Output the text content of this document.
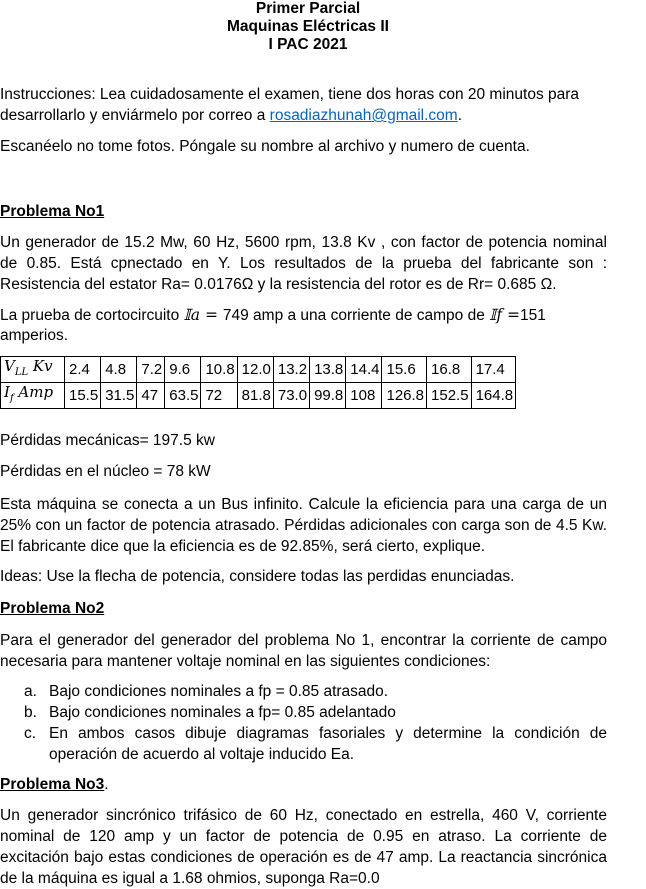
Primer Parcial
Maquinas Eléctricas II
I PAC 2021
Instrucciones: Lea cuidadosamente el examen, tiene dos horas con 20 minutos para
desarrollarlo y enviármelo por correo a rosadiazhunah@gmail.com.
Escanéelo no tome fotos. Póngale su nombre al archivo y numero de cuenta.
Problema No1
Un generador de 15.2 Mw, 60 Hz, 5600 rpm, 13.8 Kv , con factor de potencia nominal de 0.85. Está cpnectado en Y. Los resultados de la prueba del fabricante son : Resistencia del estator Ra= 0.0176Ω y la resistencia del rotor es de Rr= 0.685 Ω.
La prueba de cortocircuito 𝕀a = 749 amp a una corriente de campo de 𝕀f =151
amperios.
$V_{LL}$ Kv	2.4	4.8	7.2	9.6	10.8	12.0	13.2	13.8	14.4	15.6	16.8	17.4
$I_f$ Amp	15.5	31.5	47	63.5	72	81.8	73.0	99.8	108	126.8	152.5	164.8
Pérdidas mecánicas= 197.5 kw
Pérdidas en el núcleo = 78 kW
Esta máquina se conecta a un Bus infinito. Calcule la eficiencia para una carga de un 25% con un factor de potencia atrasado. Pérdidas adicionales con carga son de 4.5 Kw. El fabricante dice que la eficiencia es de 92.85%, será cierto, explique.
Ideas: Use la flecha de potencia, considere todas las perdidas enunciadas.
Problema No2
Para el generador del generador del problema No 1, encontrar la corriente de campo necesaria para mantener voltaje nominal en las siguientes condiciones:
a. Bajo condiciones nominales a fp = 0.85 atrasado.
b. Bajo condiciones nominales a fp= 0.85 adelantado
c. En ambos casos dibuje diagramas fasoriales y determine la condición de
operación de acuerdo al voltaje inducido Ea.
Problema No3.
Un generador sincrónico trifásico de 60 Hz, conectado en estrella, 460 V, corriente nominal de 120 amp y un factor de potencia de 0.95 en atraso. La corriente de excitación bajo estas condiciones de operación es de 47 amp. La reactancia sincrónica de la máquina es igual a 1.68 ohmios, suponga Ra=0.0
